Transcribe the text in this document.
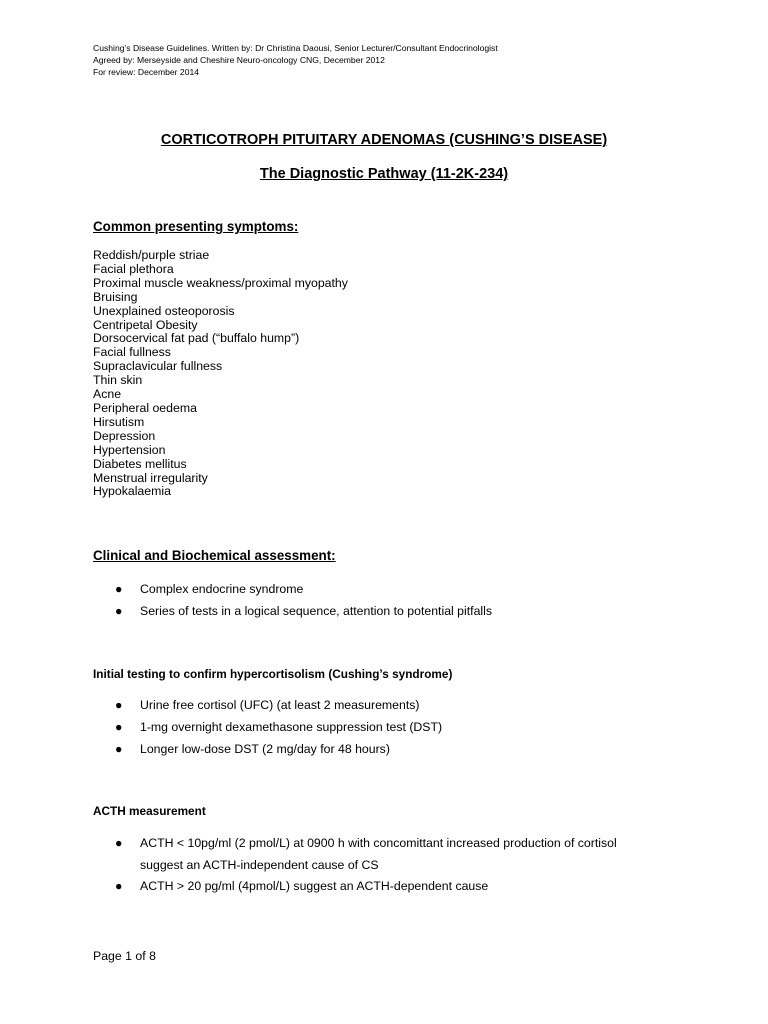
Cushing’s Disease Guidelines. Written by: Dr Christina Daousi, Senior Lecturer/Consultant Endocrinologist
Agreed by: Merseyside and Cheshire Neuro-oncology CNG, December 2012
For review: December 2014
CORTICOTROPH PITUITARY ADENOMAS (CUSHING’S DISEASE)
The Diagnostic Pathway (11-2K-234)
Common presenting symptoms:
Reddish/purple striae
Facial plethora
Proximal muscle weakness/proximal myopathy
Bruising
Unexplained osteoporosis
Centripetal Obesity
Dorsocervical fat pad (“buffalo hump”)
Facial fullness
Supraclavicular fullness
Thin skin
Acne
Peripheral oedema
Hirsutism
Depression
Hypertension
Diabetes mellitus
Menstrual irregularity
Hypokalaemia
Clinical and Biochemical assessment:
● Complex endocrine syndrome
● Series of tests in a logical sequence, attention to potential pitfalls
Initial testing to confirm hypercortisolism (Cushing’s syndrome)
● Urine free cortisol (UFC) (at least 2 measurements)
● 1-mg overnight dexamethasone suppression test (DST)
● Longer low-dose DST (2 mg/day for 48 hours)
ACTH measurement
● ACTH < 10pg/ml (2 pmol/L) at 0900 h with concomittant increased production of cortisol suggest an ACTH-independent cause of CS
● ACTH > 20 pg/ml (4pmol/L) suggest an ACTH-dependent cause
Page 1 of 8
